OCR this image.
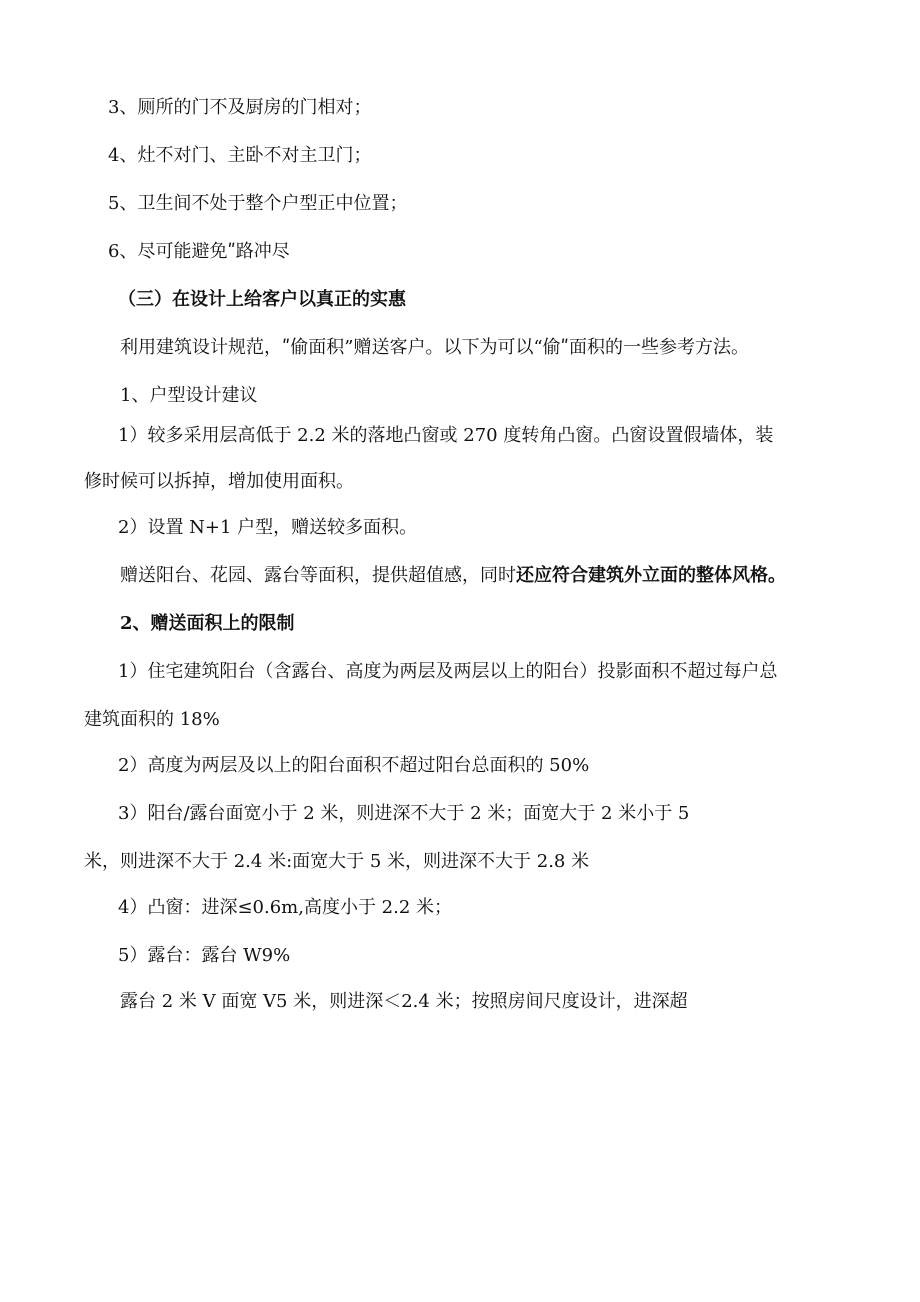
3、厕所的门不及厨房的门相对；
4、灶不对门、主卧不对主卫门；
5、卫生间不处于整个户型正中位置；
6、尽可能避免ʺ路冲尽
（三）在设计上给客户以真正的实惠
利用建筑设计规范，ʺ偷面积”赠送客户。以下为可以“偷ʺ面积的一些参考方法。
1、户型设计建议
1）较多采用层高低于 2.2 米的落地凸窗或 270 度转角凸窗。凸窗设置假墙体，装
修时候可以拆掉，增加使用面积。
2）设置 N+1 户型，赠送较多面积。
赠送阳台、花园、露台等面积，提供超值感，同时还应符合建筑外立面的整体风格。
2、赠送面积上的限制
1）住宅建筑阳台（含露台、高度为两层及两层以上的阳台）投影面积不超过每户总
建筑面积的 18%
2）高度为两层及以上的阳台面积不超过阳台总面积的 50%
3）阳台/露台面宽小于 2 米，则进深不大于 2 米；面宽大于 2 米小于 5
米，则进深不大于 2.4 米:面宽大于 5 米，则进深不大于 2.8 米
4）凸窗：进深≤0.6m,高度小于 2.2 米；
5）露台：露台 W9%
露台 2 米 V 面宽 V5 米，则进深＜2.4 米；按照房间尺度设计，进深超
